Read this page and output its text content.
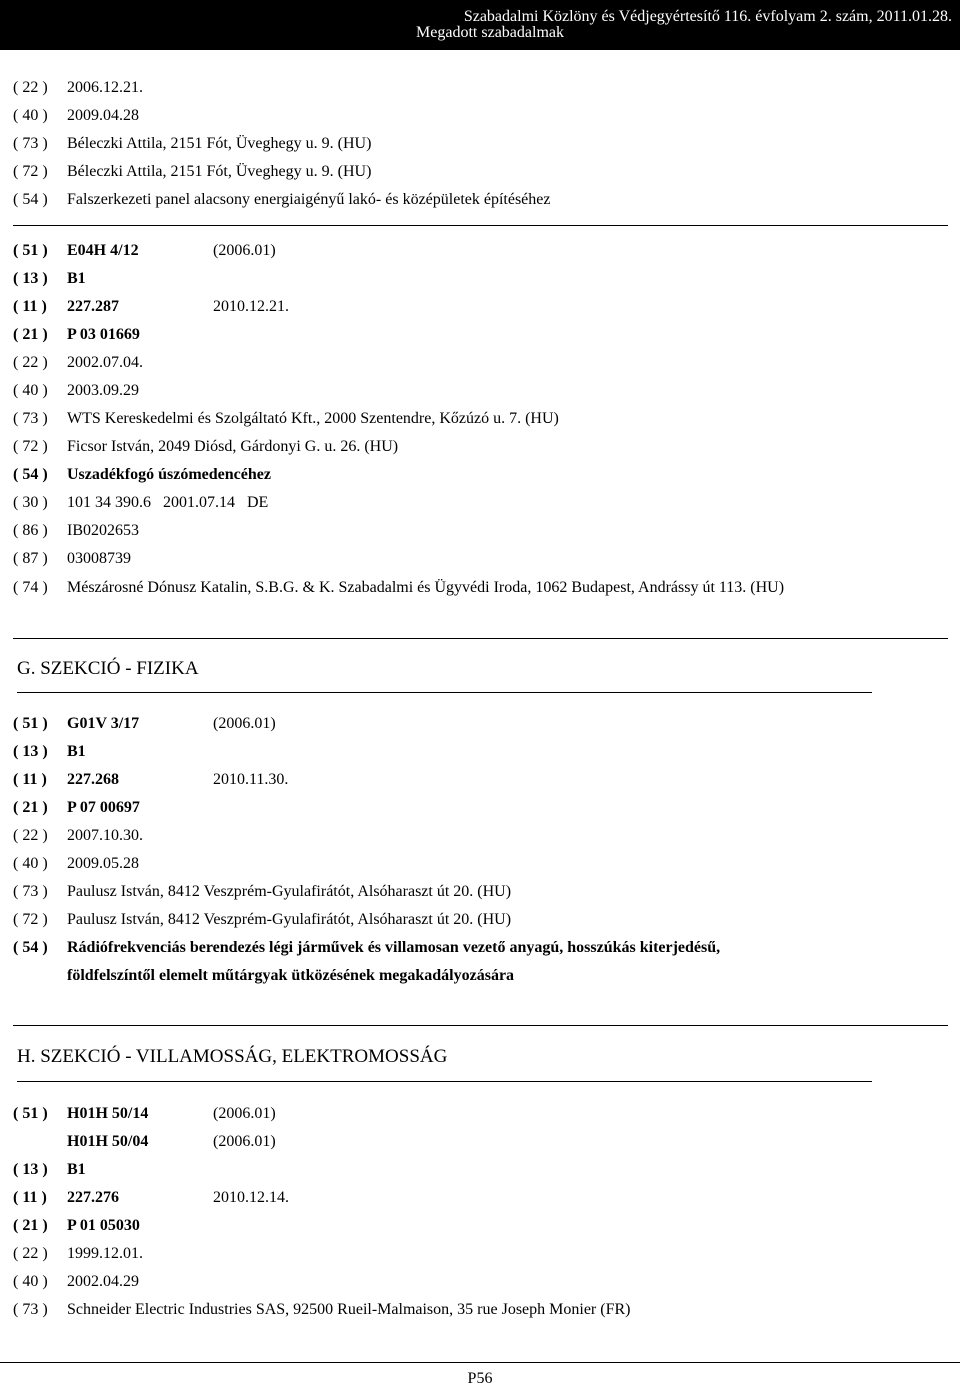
Szabadalmi Közlöny és Védjegyértesítő 116. évfolyam 2. szám, 2011.01.28.
Megadott szabadalmak
( 22 )	2006.12.21.
( 40 )	2009.04.28
( 73 )	Béleczki Attila, 2151 Fót, Üveghegy u. 9. (HU)
( 72 )	Béleczki Attila, 2151 Fót, Üveghegy u. 9. (HU)
( 54 )	Falszerkezeti panel alacsony energiaigényű lakó- és középületek építéséhez
( 51 )	E04H 4/12	(2006.01)
( 13 )	B1
( 11 )	227.287	2010.12.21.
( 21 )	P 03 01669
( 22 )	2002.07.04.
( 40 )	2003.09.29
( 73 )	WTS Kereskedelmi és Szolgáltató Kft., 2000 Szentendre, Kőzúzó u. 7. (HU)
( 72 )	Ficsor István, 2049 Diósd, Gárdonyi G. u. 26. (HU)
( 54 )	Uszadékfogó úszómedencéhez
( 30 )	101 34 390.6   2001.07.14   DE
( 86 )	IB0202653
( 87 )	03008739
( 74 )	Mészárosné Dónusz Katalin, S.B.G. & K. Szabadalmi és Ügyvédi Iroda, 1062 Budapest, Andrássy út 113. (HU)
G. SZEKCIÓ - FIZIKA
( 51 )	G01V 3/17	(2006.01)
( 13 )	B1
( 11 )	227.268	2010.11.30.
( 21 )	P 07 00697
( 22 )	2007.10.30.
( 40 )	2009.05.28
( 73 )	Paulusz István, 8412 Veszprém-Gyulafirátót, Alsóharaszt út 20. (HU)
( 72 )	Paulusz István, 8412 Veszprém-Gyulafirátót, Alsóharaszt út 20. (HU)
( 54 )	Rádiófrekvenciás berendezés légi járművek és villamosan vezető anyagú, hosszúkás kiterjedésű,
földfelszíntől elemelt műtárgyak ütközésének megakadályozására
H. SZEKCIÓ - VILLAMOSSÁG, ELEKTROMOSSÁG
( 51 )	H01H 50/14	(2006.01)
H01H 50/04	(2006.01)
( 13 )	B1
( 11 )	227.276	2010.12.14.
( 21 )	P 01 05030
( 22 )	1999.12.01.
( 40 )	2002.04.29
( 73 )	Schneider Electric Industries SAS, 92500 Rueil-Malmaison, 35 rue Joseph Monier (FR)
P56
